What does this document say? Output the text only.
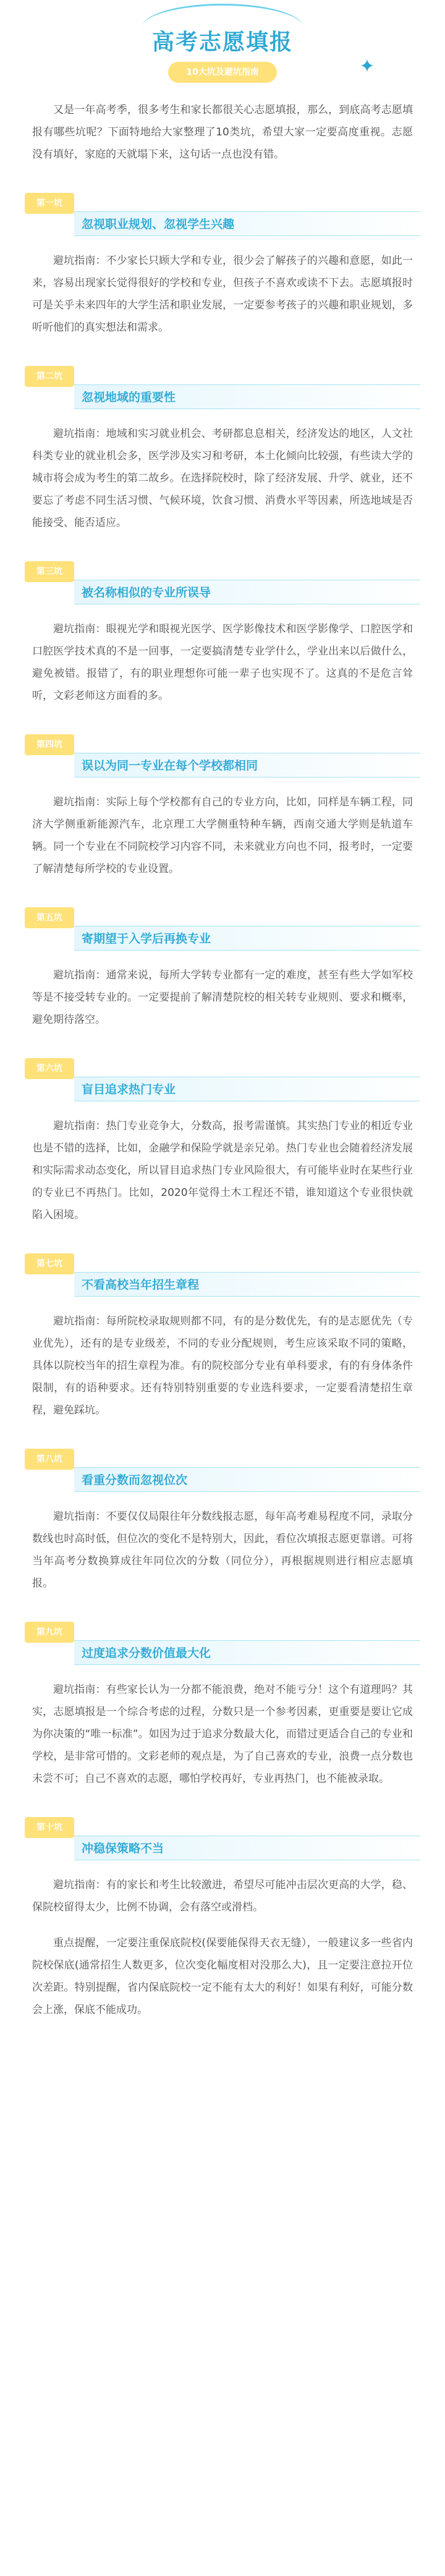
高考志愿填报
10大坑及避坑指南	✦

又是一年高考季，很多考生和家长都很关心志愿填报，那么，到底高考志愿填报有哪些坑呢？下面特地给大家整理了10类坑，希望大家一定要高度重视。志愿没有填好，家庭的天就塌下来，这句话一点也没有错。

第一坑
忽视职业规划、忽视学生兴趣

避坑指南：不少家长只顾大学和专业，很少会了解孩子的兴趣和意愿，如此一来，容易出现家长觉得很好的学校和专业，但孩子不喜欢或读不下去。志愿填报时可是关乎未来四年的大学生活和职业发展，一定要参考孩子的兴趣和职业规划，多听听他们的真实想法和需求。

第二坑
忽视地域的重要性

避坑指南：地域和实习就业机会、考研都息息相关，经济发达的地区，人文社科类专业的就业机会多，医学涉及实习和考研，本土化倾向比较强，有些读大学的城市将会成为考生的第二故乡。在选择院校时，除了经济发展、升学、就业，还不要忘了考虑不同生活习惯、气候环境，饮食习惯、消费水平等因素，所选地域是否能接受、能否适应。

第三坑
被名称相似的专业所误导

避坑指南：眼视光学和眼视光医学、医学影像技术和医学影像学、口腔医学和口腔医学技术真的不是一回事，一定要搞清楚专业学什么，学业出来以后做什么，避免被错。报错了，有的职业理想你可能一辈子也实现不了。这真的不是危言耸听，文彩老师这方面看的多。

第四坑
误以为同一专业在每个学校都相同

避坑指南：实际上每个学校都有自己的专业方向，比如，同样是车辆工程，同济大学侧重新能源汽车，北京理工大学侧重特种车辆，西南交通大学则是轨道车辆。同一个专业在不同院校学习内容不同，未来就业方向也不同，报考时，一定要了解清楚每所学校的专业设置。

第五坑
寄期望于入学后再换专业

避坑指南：通常来说，每所大学转专业都有一定的难度，甚至有些大学如军校等是不接受转专业的。一定要提前了解清楚院校的相关转专业规则、要求和概率，避免期待落空。

第六坑
盲目追求热门专业

避坑指南：热门专业竞争大，分数高，报考需谨慎。其实热门专业的相近专业也是不错的选择，比如，金融学和保险学就是亲兄弟。热门专业也会随着经济发展和实际需求动态变化，所以冒目追求热门专业风险很大，有可能毕业时在某些行业的专业已不再热门。比如，2020年觉得土木工程还不错，谁知道这个专业很快就陷入困境。

第七坑
不看高校当年招生章程

避坑指南：每所院校录取规则都不同，有的是分数优先，有的是志愿优先（专业优先），还有的是专业级差，不同的专业分配规则，考生应该采取不同的策略，具体以院校当年的招生章程为准。有的院校部分专业有单科要求，有的有身体条件限制，有的语种要求。还有特别特别重要的专业选科要求，一定要看清楚招生章程，避免踩坑。

第八坑
看重分数而忽视位次

避坑指南：不要仅仅局限往年分数线报志愿，每年高考难易程度不同，录取分数线也时高时低，但位次的变化不是特别大，因此，看位次填报志愿更靠谱。可将当年高考分数换算成往年同位次的分数（同位分），再根据规则进行相应志愿填报。

第九坑
过度追求分数价值最大化

避坑指南：有些家长认为一分都不能浪费，绝对不能亏分！这个有道理吗？其实，志愿填报是一个综合考虑的过程，分数只是一个参考因素，更重要是要让它成为你决策的“唯一标准”。如因为过于追求分数最大化，而错过更适合自己的专业和学校，是非常可惜的。文彩老师的观点是，为了自己喜欢的专业，浪费一点分数也未尝不可；自己不喜欢的志愿，哪怕学校再好，专业再热门，也不能被录取。

第十坑
冲稳保策略不当

避坑指南：有的家长和考生比较激进，希望尽可能冲击层次更高的大学，稳、保院校留得太少，比例不协调，会有落空或滑档。

重点提醒，一定要注重保底院校(保要能保得天衣无缝），一般建议多一些省内院校保底(通常招生人数更多，位次变化幅度相对没那么大)，且一定要注意拉开位次差距。特别提醒，省内保底院校一定不能有太大的利好！如果有利好，可能分数会上涨，保底不能成功。
